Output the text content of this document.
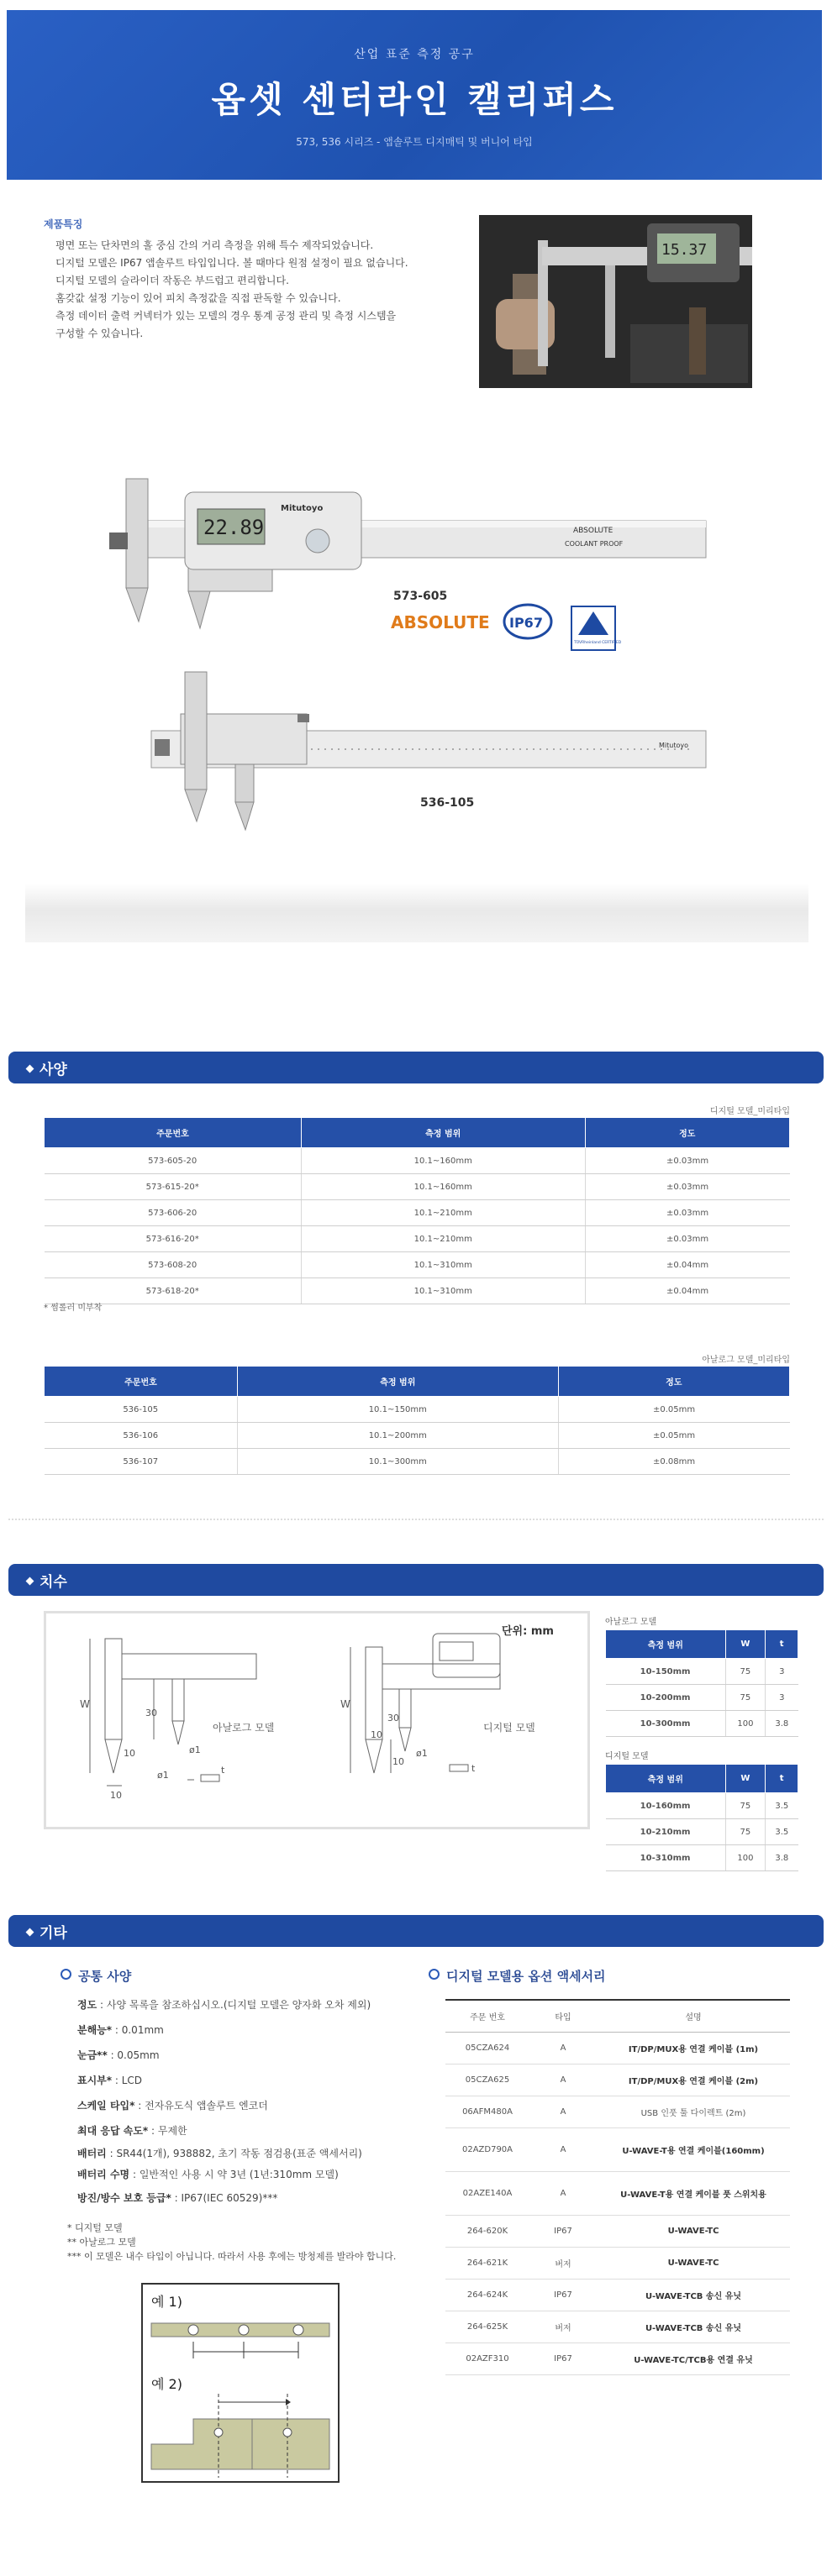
산업 표준 측정 공구
옵셋 센터라인 캘리퍼스
573, 536 시리즈 - 앱솔루트 디지매틱 및 버니어 타입
제품특징
평면 또는 단차면의 홀 중심 간의 거리 측정을 위해 특수 제작되었습니다.
디지털 모델은 IP67 앱솔루트 타입입니다. 볼 때마다 원점 설정이 필요 없습니다.
디지털 모델의 슬라이더 작동은 부드럽고 편리합니다.
홈갖값 설정 기능이 있어 피치 측정값을 직접 판독할 수 있습니다.
측정 데이터 출력 커넥터가 있는 모델의 경우 통계 공정 관리 및 측정 시스템을 구성할 수 있습니다.
15.37
22.89
Mitutoyo
ABSOLUTE
COOLANT PROOF
573-605
ABSOLUTE IP67
TÜVRheinland CERTIFIED
Mitutoyo
536-105
사양
디지털 모델_미리타입
주문번호	측정 범위	정도
573-605-20	10.1~160mm	±0.03mm
573-615-20*	10.1~160mm	±0.03mm
573-606-20	10.1~210mm	±0.03mm
573-616-20*	10.1~210mm	±0.03mm
573-608-20	10.1~310mm	±0.04mm
573-618-20*	10.1~310mm	±0.04mm
* 썸롤러 미부착
아날로그 모델_미리타입
주문번호	측정 범위	정도
536-105	10.1~150mm	±0.05mm
536-106	10.1~200mm	±0.05mm
536-107	10.1~300mm	±0.08mm
치수
단위: mm
W
30
10
10
ø1
ø1
t
아날로그 모델
W
30
10
10
ø1
t
디지털 모델
아날로그 모델
측정 범위	W	t
10-150mm	75	3
10-200mm	75	3
10-300mm	100	3.8
디지털 모델
측정 범위	W	t
10-160mm	75	3.5
10-210mm	75	3.5
10-310mm	100	3.8
기타
공통 사양
정도 : 사양 목록을 참조하십시오.(디지털 모델은 양자화 오차 제외)
분해능* : 0.01mm
눈금** : 0.05mm
표시부* : LCD
스케일 타입* : 전자유도식 앱솔루트 엔코더
최대 응답 속도* : 무제한
배터리 : SR44(1개), 938882, 초기 작동 점검용(표준 액세서리)
배터리 수명 : 일반적인 사용 시 약 3년 (1년:310mm 모델)
방진/방수 보호 등급* : IP67(IEC 60529)***
* 디지털 모델
** 아날로그 모델
*** 이 모델은 내수 타입이 아닙니다. 따라서 사용 후에는 방청제를 발라야 합니다.
예 1)
예 2)
디지털 모델용 옵션 액세서리
주문 번호	타입	설명
05CZA624	A	IT/DP/MUX용 연결 케이블 (1m)
05CZA625	A	IT/DP/MUX용 연결 케이블 (2m)
06AFM480A	A	USB 인풋 툴 다이렉트 (2m)
02AZD790A	A	U-WAVE-T용 연결 케이블(160mm)
02AZE140A	A	U-WAVE-T용 연결 케이블 풋 스위치용
264-620K	IP67	U-WAVE-TC
264-621K	버저	U-WAVE-TC
264-624K	IP67	U-WAVE-TCB 송신 유닛
264-625K	버저	U-WAVE-TCB 송신 유닛
02AZF310	IP67	U-WAVE-TC/TCB용 연결 유닛
